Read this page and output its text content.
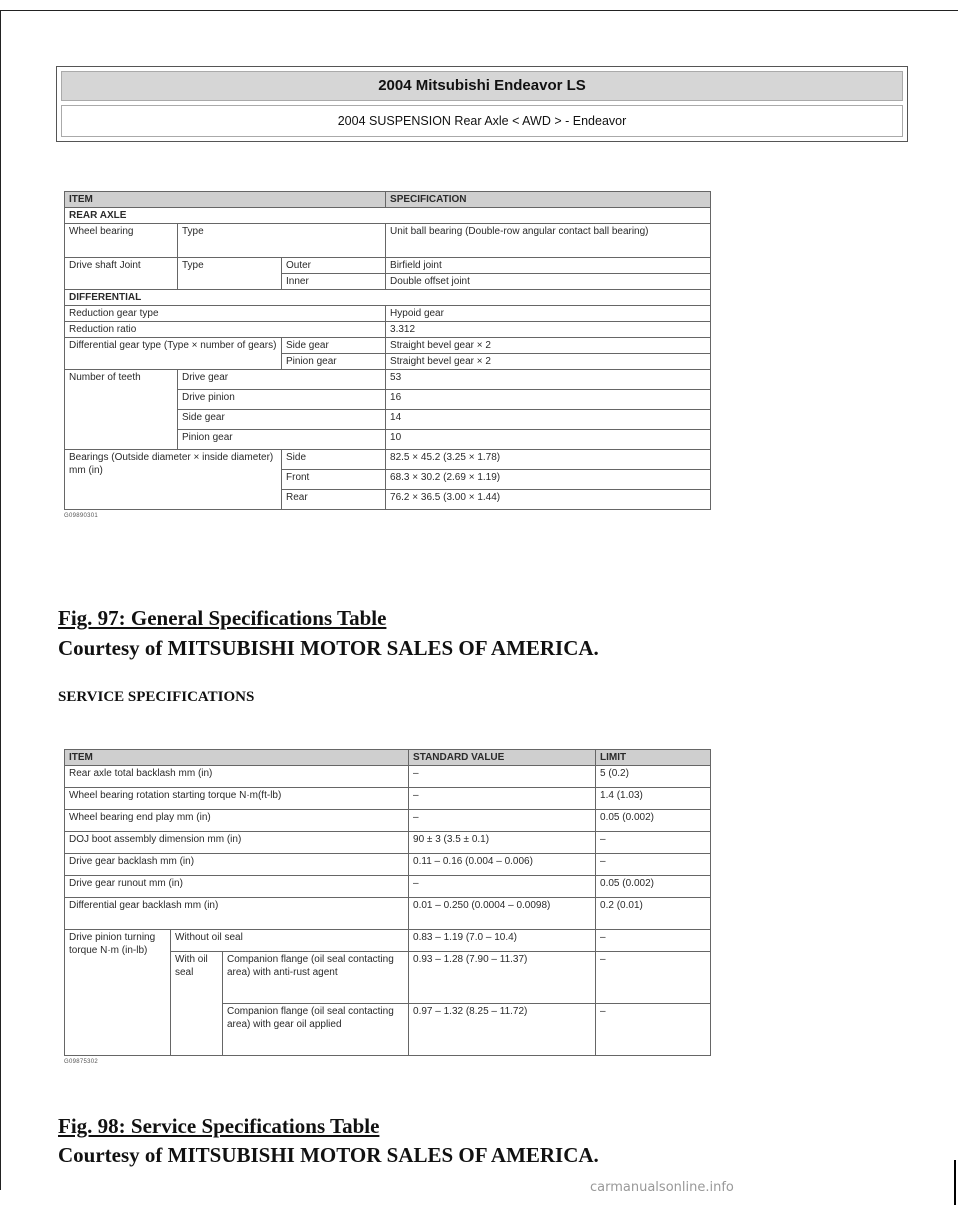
2004 Mitsubishi Endeavor LS
2004 SUSPENSION Rear Axle < AWD > - Endeavor
ITEM			SPECIFICATION
REAR AXLE			
Wheel bearing	Type		Unit ball bearing (Double-row angular contact ball bearing)
Drive shaft Joint	Type	Outer	Birfield joint
		Inner	Double offset joint
DIFFERENTIAL			
Reduction gear type			Hypoid gear
Reduction ratio			3.312
Differential gear type (Type × number of gears)		Side gear	Straight bevel gear × 2
		Pinion gear	Straight bevel gear × 2
Number of teeth	Drive gear		53
	Drive pinion		16
	Side gear		14
	Pinion gear		10
Bearings (Outside diameter × inside diameter) mm (in)		Side	82.5 × 45.2 (3.25 × 1.78)
		Front	68.3 × 30.2 (2.69 × 1.19)
		Rear	76.2 × 36.5 (3.00 × 1.44)
G09890301
Fig. 97: General Specifications Table
Courtesy of MITSUBISHI MOTOR SALES OF AMERICA.
SERVICE SPECIFICATIONS
ITEM			STANDARD VALUE	LIMIT
Rear axle total backlash mm (in)			–	5 (0.2)
Wheel bearing rotation starting torque N·m(ft-lb)			–	1.4 (1.03)
Wheel bearing end play mm (in)			–	0.05 (0.002)
DOJ boot assembly dimension mm (in)			90 ± 3 (3.5 ± 0.1)	–
Drive gear backlash mm (in)			0.11 – 0.16 (0.004 – 0.006)	–
Drive gear runout mm (in)			–	0.05 (0.002)
Differential gear backlash mm (in)			0.01 – 0.250 (0.0004 – 0.0098)	0.2 (0.01)
Drive pinion turning torque N·m (in-lb)	Without oil seal		0.83 – 1.19 (7.0 – 10.4)	–
	With oil seal	Companion flange (oil seal contacting area) with anti-rust agent	0.93 – 1.28 (7.90 – 11.37)	–
		Companion flange (oil seal contacting area) with gear oil applied	0.97 – 1.32 (8.25 – 11.72)	–
G09875302
Fig. 98: Service Specifications Table
Courtesy of MITSUBISHI MOTOR SALES OF AMERICA.
carmanualsonline.info
